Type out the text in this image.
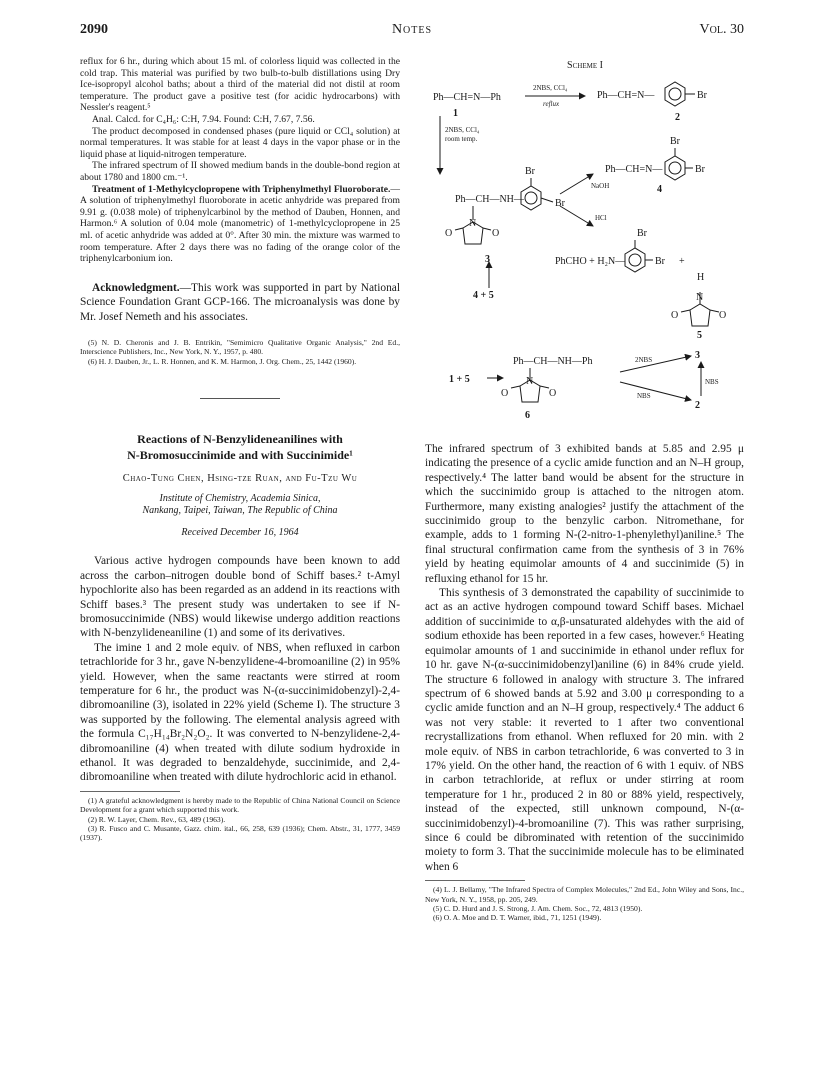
2090	Notes	Vol. 30

reflux for 6 hr., during which about 15 ml. of colorless liquid was collected in the cold trap. This material was purified by two bulb-to-bulb distillations using Dry Ice-isopropyl alcohol baths; about a third of the material did not distil at room temperature. The product gave a positive test (for acidic hydrocarbons) with Nessler's reagent.⁵

Anal. Calcd. for C₄H₆: C:H, 7.94. Found: C:H, 7.67, 7.56.

The product decomposed in condensed phases (pure liquid or CCl₄ solution) at normal temperatures. It was stable for at least 4 days in the vapor phase or in the liquid phase at liquid-nitrogen temperature.

The infrared spectrum of II showed medium bands in the double-bond region at about 1780 and 1800 cm.⁻¹.

Treatment of 1-Methylcyclopropene with Triphenylmethyl Fluoroborate.—A solution of triphenylmethyl fluoroborate in acetic anhydride was prepared from 9.91 g. (0.038 mole) of triphenylcarbinol by the method of Dauben, Honnen, and Harmon.⁶ A solution of 0.04 mole (manometric) of 1-methylcyclopropene in 25 ml. of acetic anhydride was added at 0°. After 30 min. the mixture was warmed to room temperature. After 2 days there was no fading of the orange color of the triphenylcarbonium ion.

Acknowledgment.—This work was supported in part by National Science Foundation Grant GCP-166. The microanalysis was done by Mr. Josef Nemeth and his associates.

(5) N. D. Cheronis and J. B. Entrikin, "Semimicro Qualitative Organic Analysis," 2nd Ed., Interscience Publishers, Inc., New York, N. Y., 1957, p. 480.

(6) H. J. Dauben, Jr., L. R. Honnen, and K. M. Harmon, J. Org. Chem., 25, 1442 (1960).

Reactions of N-Benzylideneanilines with
N-Bromosuccinimide and with Succinimide¹
Chao-Tung Chen, Hsing-tze Ruan, and Fu-Tzu Wu
Institute of Chemistry, Academia Sinica,
Nankang, Taipei, Taiwan, The Republic of China
Received December 16, 1964

Various active hydrogen compounds have been known to add across the carbon–nitrogen double bond of Schiff bases.² t-Amyl hypochlorite also has been regarded as an addend in its reactions with Schiff bases.³ The present study was undertaken to see if N-bromosuccinimide (NBS) would likewise undergo addition reactions with N-benzylideneaniline (1) and some of its derivatives.

The imine 1 and 2 mole equiv. of NBS, when refluxed in carbon tetrachloride for 3 hr., gave N-benzylidene-4-bromoaniline (2) in 95% yield. However, when the same reactants were stirred at room temperature for 6 hr., the product was N-(α-succinimidobenzyl)-2,4-dibromoaniline (3), isolated in 22% yield (Scheme I). The structure 3 was supported by the following. The elemental analysis agreed with the formula C₁₇H₁₄Br₂N₂O₂. It was converted to N-benzylidene-2,4-dibromoaniline (4) when treated with dilute sodium hydroxide in ethanol. It was degraded to benzaldehyde, succinimide, and 2,4-dibromoaniline when treated with dilute hydrochloric acid in ethanol.

(1) A grateful acknowledgment is hereby made to the Republic of China National Council on Science Development for a grant which supported this work.

(2) R. W. Layer, Chem. Rev., 63, 489 (1963).

(3) R. Fusco and C. Musante, Gazz. chim. ital., 66, 258, 639 (1936); Chem. Abstr., 31, 1777, 3459 (1937).

Scheme I
Ph—CH=N—Ph
2NBS, CCl₄
reflux
Ph—CH=N—	Br
1	2
2NBS, CCl₄
room temp.
Br
Ph—CH—NH—	Br
N
O	O
3
NaOH
HCl
Ph—CH=N—
Br
Br
4
PhCHO + H₂N—
Br
Br +
H
N
O	O
5
4 + 5
1 + 5
Ph—CH—NH—Ph
N
O	O
6
2NBS
NBS
NBS
3
2

The infrared spectrum of 3 exhibited bands at 5.85 and 2.95 μ indicating the presence of a cyclic amide function and an N–H group, respectively.⁴ The latter band would be absent for the structure in which the succinimido group is attached to the nitrogen atom. Furthermore, many existing analogies² justify the attachment of the succinimido group to the benzylic carbon. Nitromethane, for example, adds to 1 forming N-(2-nitro-1-phenylethyl)aniline.⁵ The final structural confirmation came from the synthesis of 3 in 76% yield by heating equimolar amounts of 4 and succinimide (5) in refluxing ethanol for 15 hr.

This synthesis of 3 demonstrated the capability of succinimide to act as an active hydrogen compound toward Schiff bases. Michael addition of succinimide to α,β-unsaturated aldehydes with the aid of sodium ethoxide has been reported in a few cases, however.⁶ Heating equimolar amounts of 1 and succinimide in ethanol under reflux for 10 hr. gave N-(α-succinimidobenzyl)aniline (6) in 84% crude yield. The structure 6 followed in analogy with structure 3. The infrared spectrum of 6 showed bands at 5.92 and 3.00 μ corresponding to a cyclic amide function and an N–H group, respectively.⁴ The adduct 6 was not very stable: it reverted to 1 after two conventional recrystallizations from ethanol. When refluxed for 20 min. with 2 mole equiv. of NBS in carbon tetrachloride, 6 was converted to 3 in 17% yield. On the other hand, the reaction of 6 with 1 equiv. of NBS in carbon tetrachloride, at reflux or under stirring at room temperature for 1 hr., produced 2 in 80 or 88% yield, respectively, instead of the expected, still unknown compound, N-(α-succinimidobenzyl)-4-bromoaniline (7). This was rather surprising, since 6 could be dibrominated with retention of the succinimido moiety to form 3. That the succinimide molecule has to be eliminated when 6

(4) L. J. Bellamy, "The Infrared Spectra of Complex Molecules," 2nd Ed., John Wiley and Sons, Inc., New York, N. Y., 1958, pp. 205, 249.

(5) C. D. Hurd and J. S. Strong, J. Am. Chem. Soc., 72, 4813 (1950).

(6) O. A. Moe and D. T. Warner, ibid., 71, 1251 (1949).
